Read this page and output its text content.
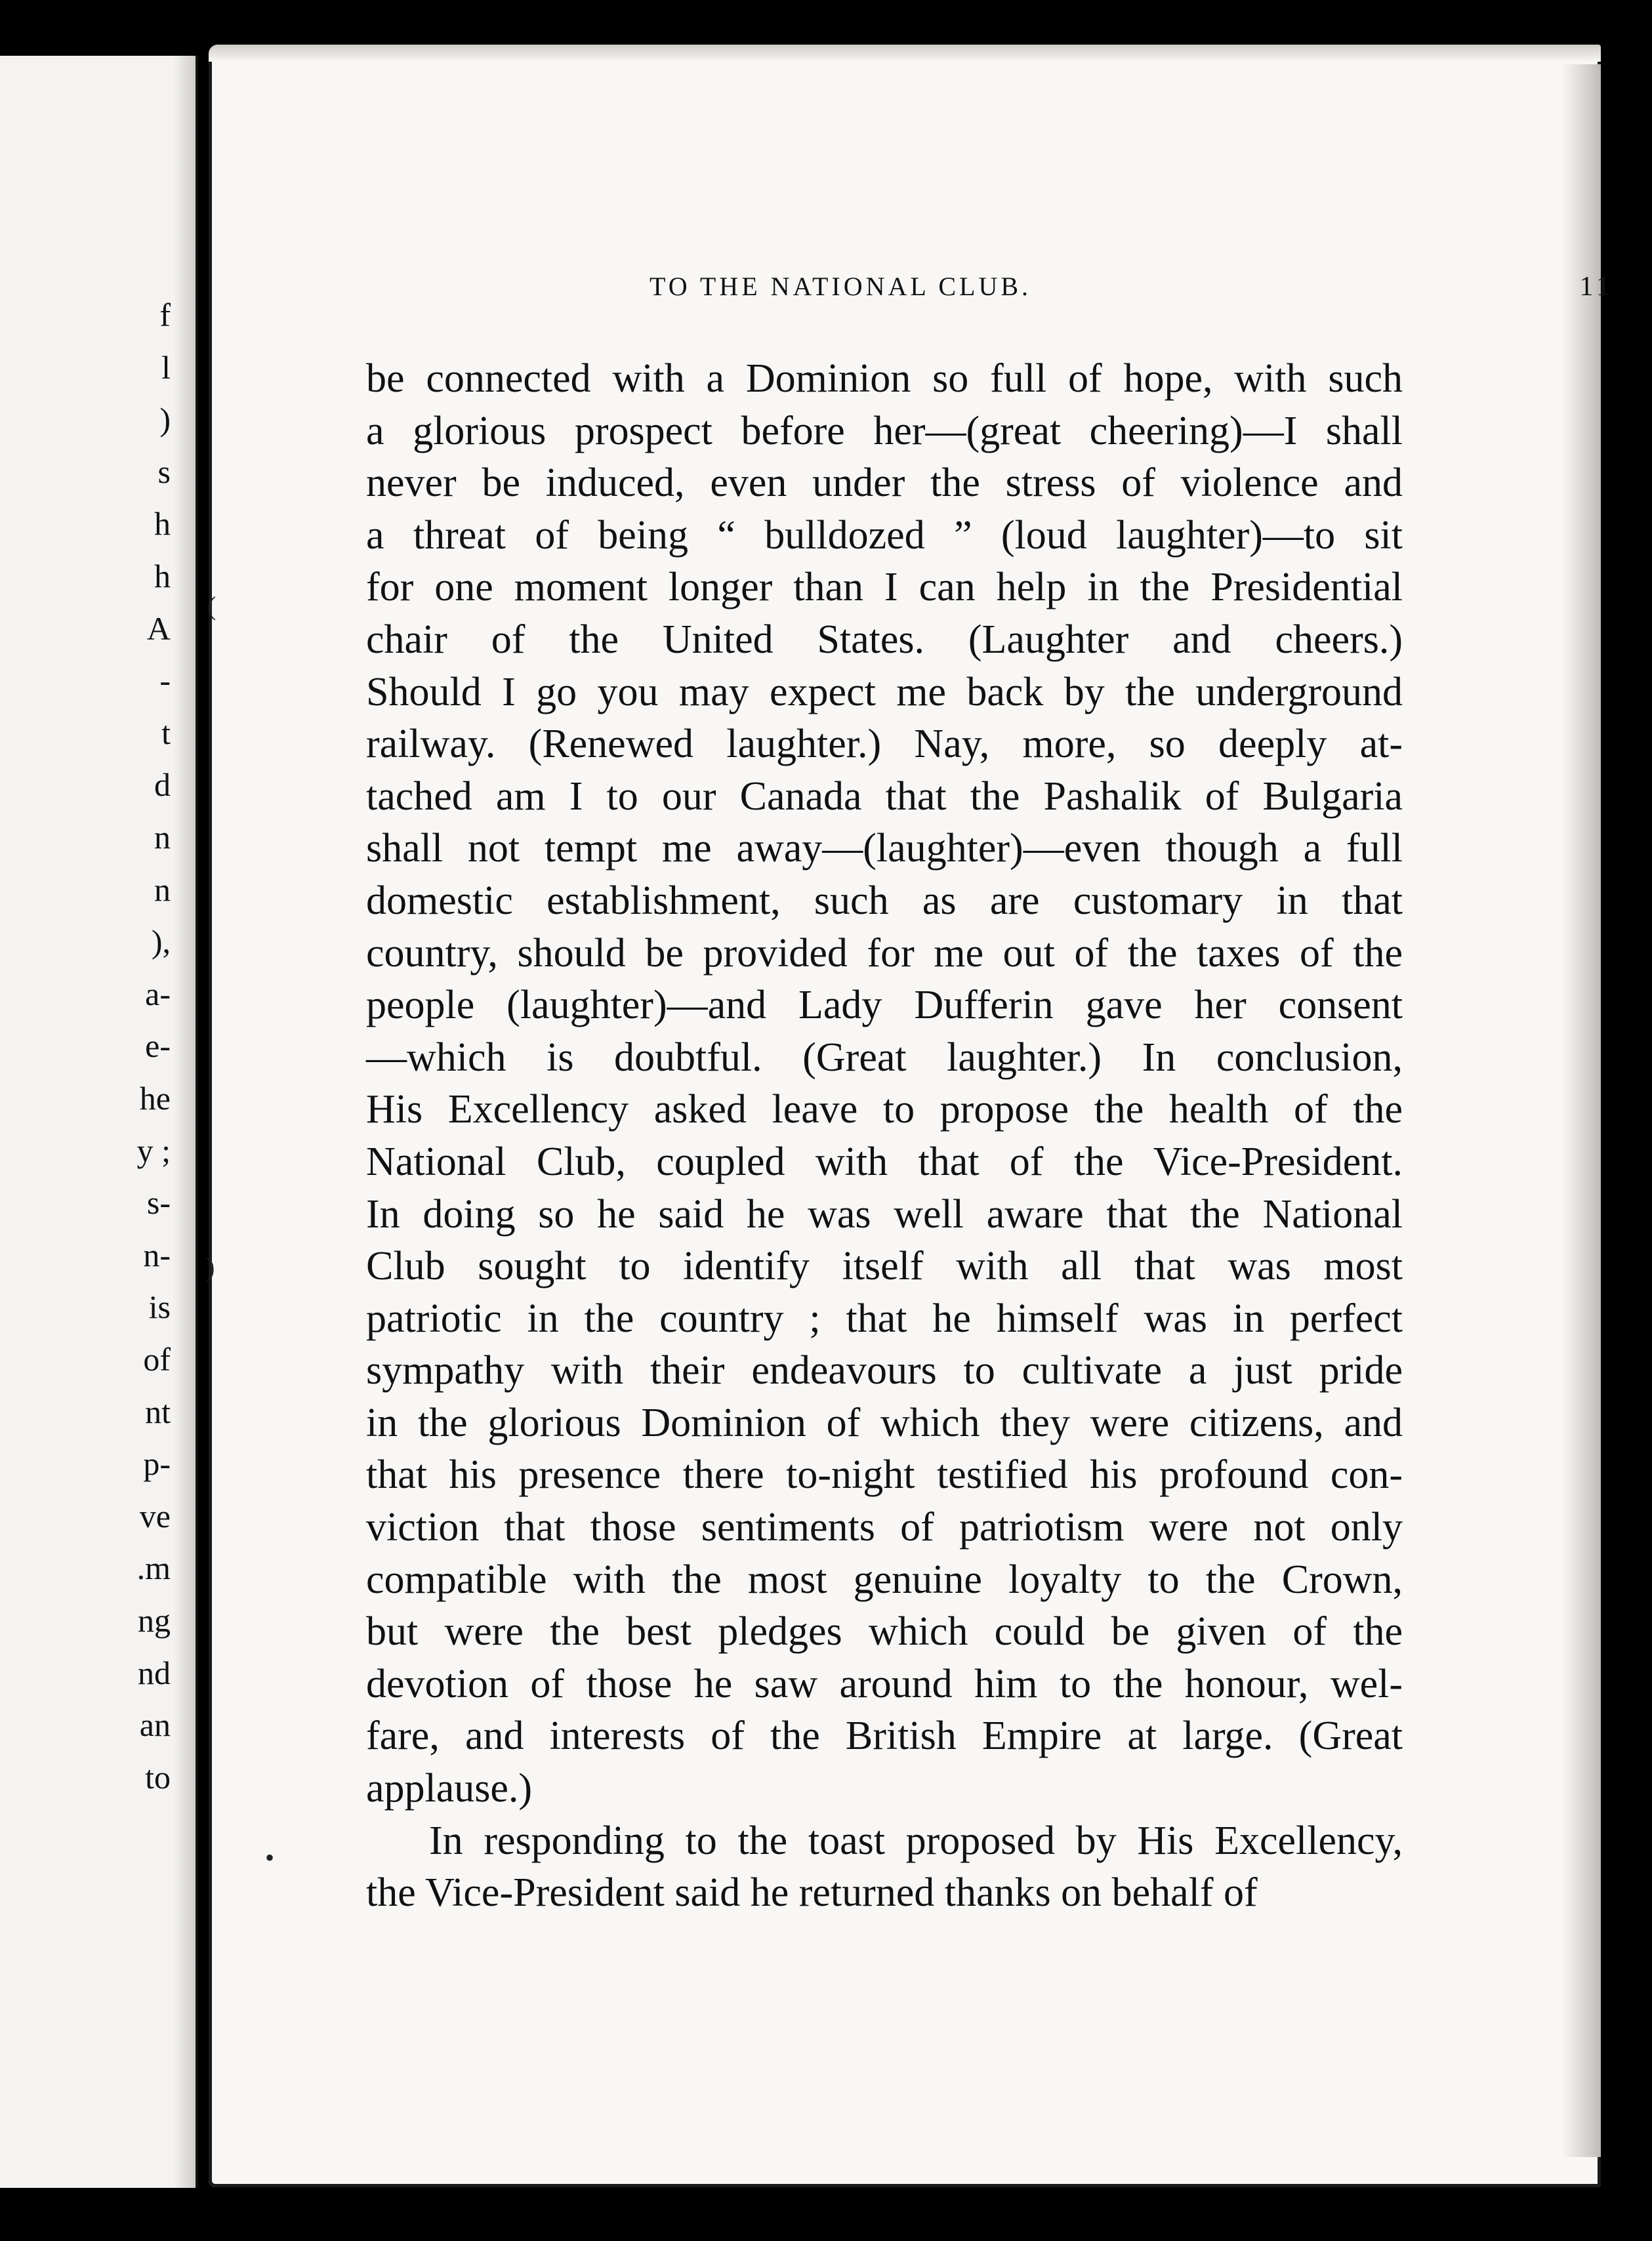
f
l
)
s
h
h
A
-
t
d
n
n
),
a-
e-
he
y ;
s-
n-
is
of
nt
p-
ve
.m
ng
nd
an
to
TO THE NATIONAL CLUB.	11
be connected with a Dominion so full of hope, with such
a glorious prospect before her—(great cheering)—I shall
never be induced, even under the stress of violence and
a threat of being “ bulldozed ” (loud laughter)—to sit
for one moment longer than I can help in the Presidential
chair of the United States. (Laughter and cheers.)
Should I go you may expect me back by the underground
railway. (Renewed laughter.) Nay, more, so deeply at-
tached am I to our Canada that the Pashalik of Bulgaria
shall not tempt me away—(laughter)—even though a full
domestic establishment, such as are customary in that
country, should be provided for me out of the taxes of the
people (laughter)—and Lady Dufferin gave her consent
—which is doubtful. (Great laughter.) In conclusion,
His Excellency asked leave to propose the health of the
National Club, coupled with that of the Vice-President.
In doing so he said he was well aware that the National
Club sought to identify itself with all that was most
patriotic in the country ; that he himself was in perfect
sympathy with their endeavours to cultivate a just pride
in the glorious Dominion of which they were citizens, and
that his presence there to-night testified his profound con-
viction that those sentiments of patriotism were not only
compatible with the most genuine loyalty to the Crown,
but were the best pledges which could be given of the
devotion of those he saw around him to the honour, wel-
fare, and interests of the British Empire at large. (Great
applause.)
In responding to the toast proposed by His Excellency,
the Vice-President said he returned thanks on behalf of
(
)
•
